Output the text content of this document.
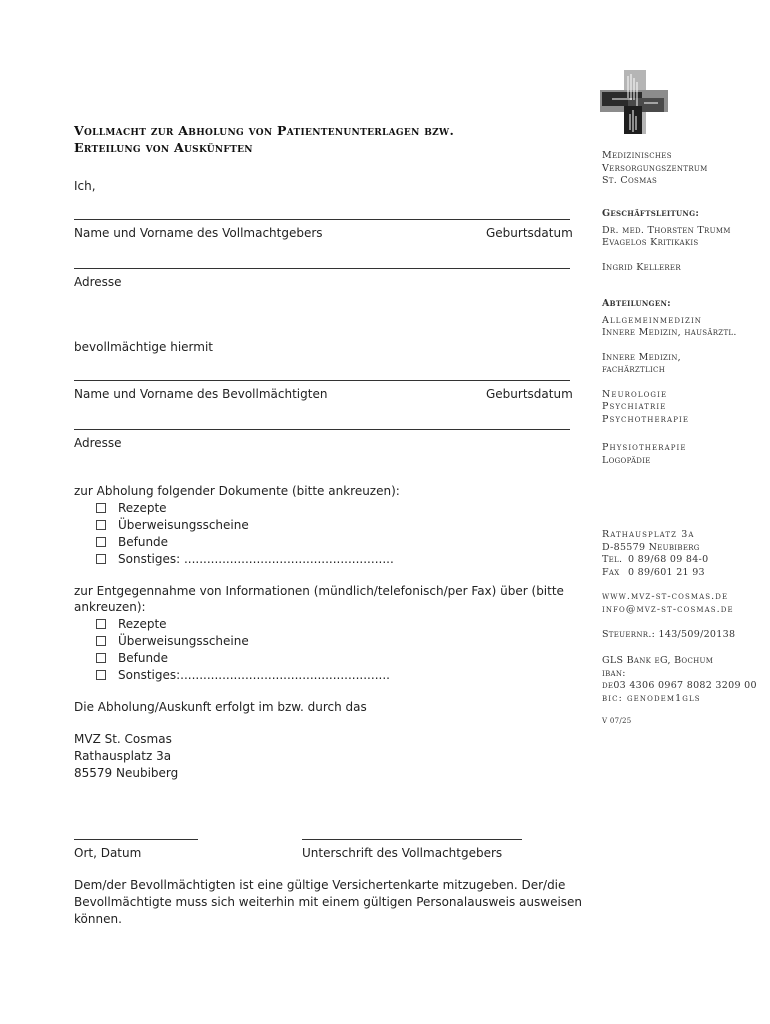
Vollmacht zur Abholung von Patientenunterlagen bzw.
Erteilung von Auskünften
Ich,
Name und Vorname des Vollmachtgebers	Geburtsdatum
Adresse
bevollmächtige hiermit
Name und Vorname des Bevollmächtigten	Geburtsdatum
Adresse
zur Abholung folgender Dokumente (bitte ankreuzen):
Rezepte
Überweisungsscheine
Befunde
Sonstiges: .......................................................
zur Entgegennahme von Informationen (mündlich/telefonisch/per Fax) über (bitte
ankreuzen):
Rezepte
Überweisungsscheine
Befunde
Sonstiges:.......................................................
Die Abholung/Auskunft erfolgt im bzw. durch das
MVZ St. Cosmas
Rathausplatz 3a
85579 Neubiberg
Ort, Datum	Unterschrift des Vollmachtgebers
Dem/der Bevollmächtigten ist eine gültige Versichertenkarte mitzugeben. Der/die
Bevollmächtigte muss sich weiterhin mit einem gültigen Personalausweis ausweisen
können.
Medizinisches
Versorgungszentrum
St. Cosmas
Geschäftsleitung:
Dr. med. Thorsten Trumm
Evagelos Kritikakis
Ingrid Kellerer
Abteilungen:
Allgemeinmedizin
Innere Medizin, hausärztl.
Innere Medizin,
fachärztlich
Neurologie
Psychiatrie
Psychotherapie
Physiotherapie
Logopädie
Rathausplatz 3a
D-85579 Neubiberg
Tel. 0 89/68 09 84-0
Fax 0 89/601 21 93
www.mvz-st-cosmas.de
info@mvz-st-cosmas.de
Steuernr.: 143/509/20138
GLS Bank eG, Bochum
iban:
de03 4306 0967 8082 3209 00
bic: genodem1gls
V 07/25
